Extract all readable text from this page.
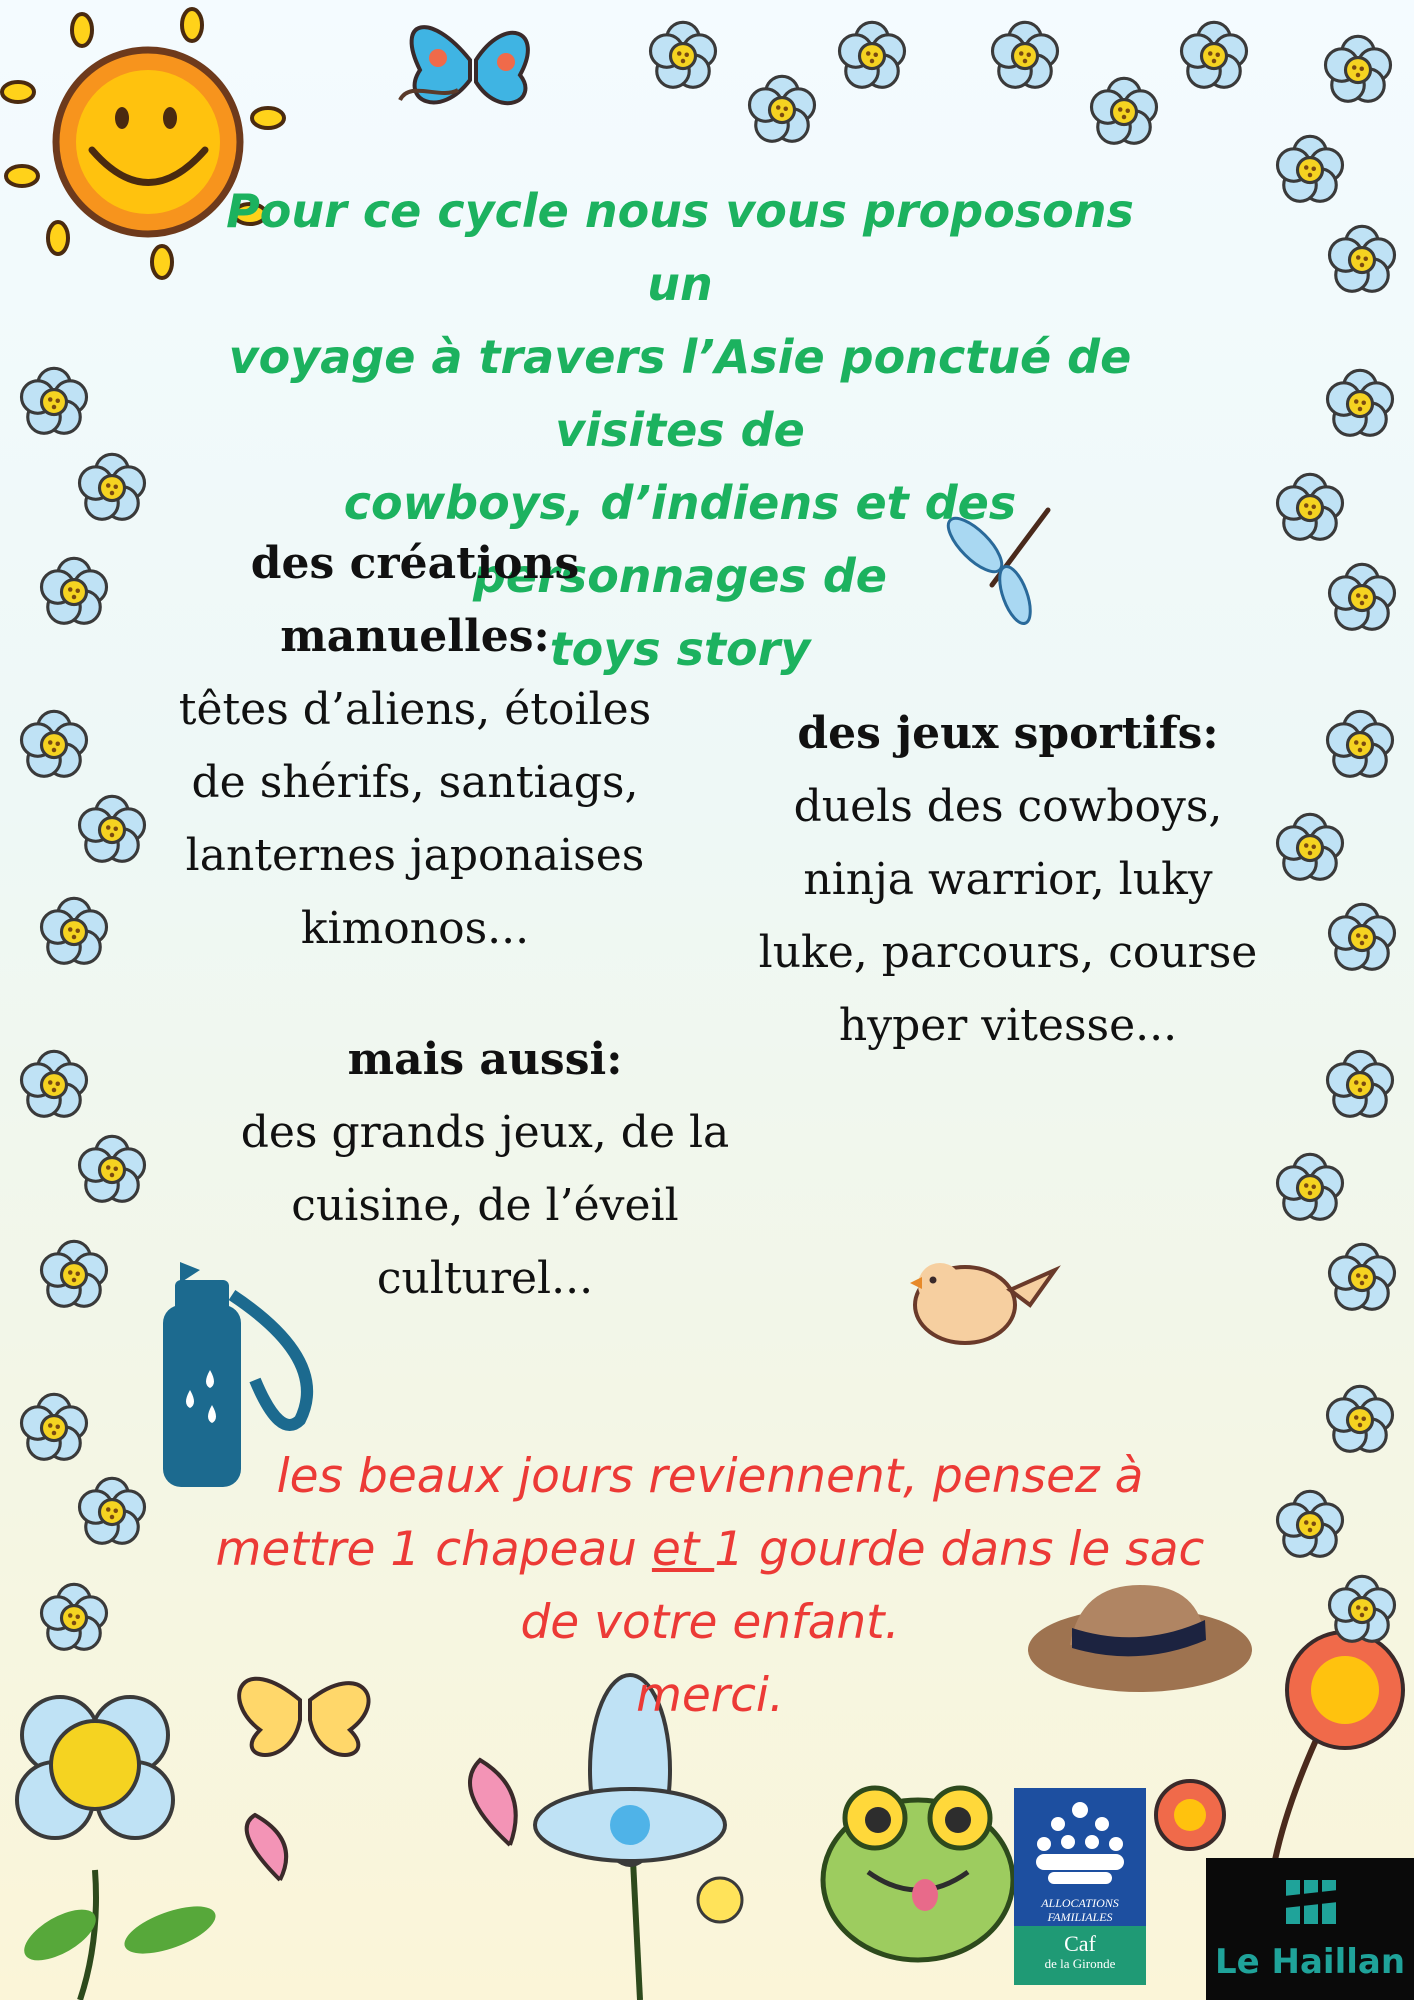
Pour ce cycle nous vous proposons un
voyage à travers l’Asie ponctué de visites de
cowboys, d’indiens et des personnages de
toys story
des créations
manuelles:
têtes d’aliens, étoiles
de shérifs, santiags,
lanternes japonaises
kimonos...
des jeux sportifs:
duels des cowboys,
ninja warrior, luky
luke, parcours, course
hyper vitesse...
mais aussi:
des grands jeux, de la
cuisine, de l’éveil
culturel...
les beaux jours reviennent, pensez à
mettre 1 chapeau et 1 gourde dans le sac
de votre enfant.
merci.
ALLOCATIONS
FAMILIALES
Caf
de la Gironde	Le Haillan
